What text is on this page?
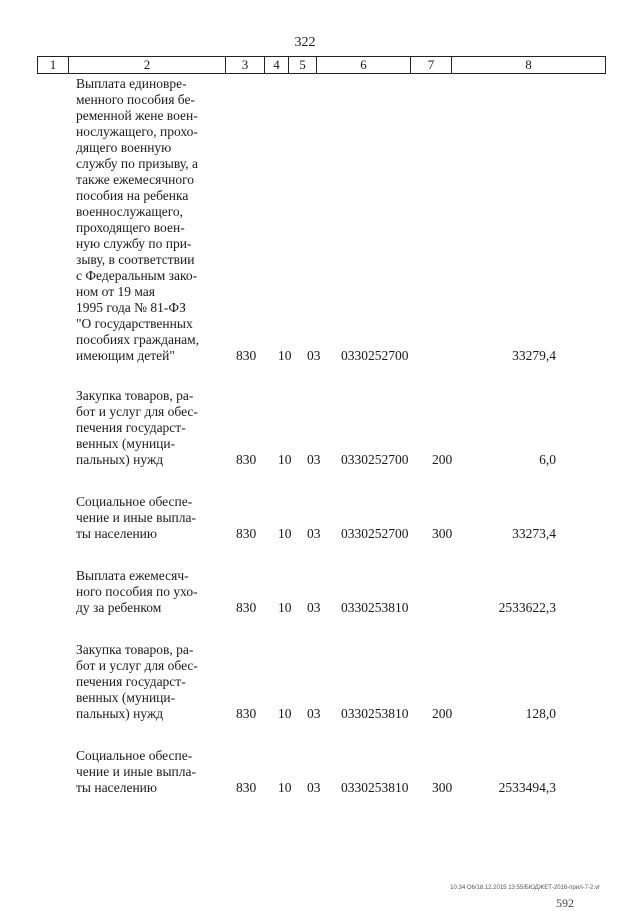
322
1	2	3	4	5	6	7	8
Выплата единовре-
менного пособия бе-
ременной жене воен-
нослужащего, прохо-
дящего военную
службу по призыву, а
также ежемесячного
пособия на ребенка
военнослужащего,
проходящего воен-
ную службу по при-
зыву, в соответствии
с Федеральным зако-
ном от 19 мая
1995 года № 81-ФЗ
"О государственных
пособиях гражданам,
имеющим детей"	830 10 03 0330252700	33279,4
Закупка товаров, ра-
бот и услуг для обес-
печения государст-
венных (муници-
пальных) нужд	830 10 03 0330252700 200	6,0
Социальное обеспе-
чение и иные выпла-
ты населению	830 10 03 0330252700 300	33273,4
Выплата ежемесяч-
ного пособия по ухо-
ду за ребенком	830 10 03 0330253810	2533622,3
Закупка товаров, ра-
бот и услуг для обес-
печения государст-
венных (муници-
пальных) нужд	830 10 03 0330253810 200	128,0
Социальное обеспе-
чение и иные выпла-
ты населению	830 10 03 0330253810 300	2533494,3
10.34 О6/18.12.2015 13:55/БЮДЖЕТ-2016-прил-7-2.vr
592
